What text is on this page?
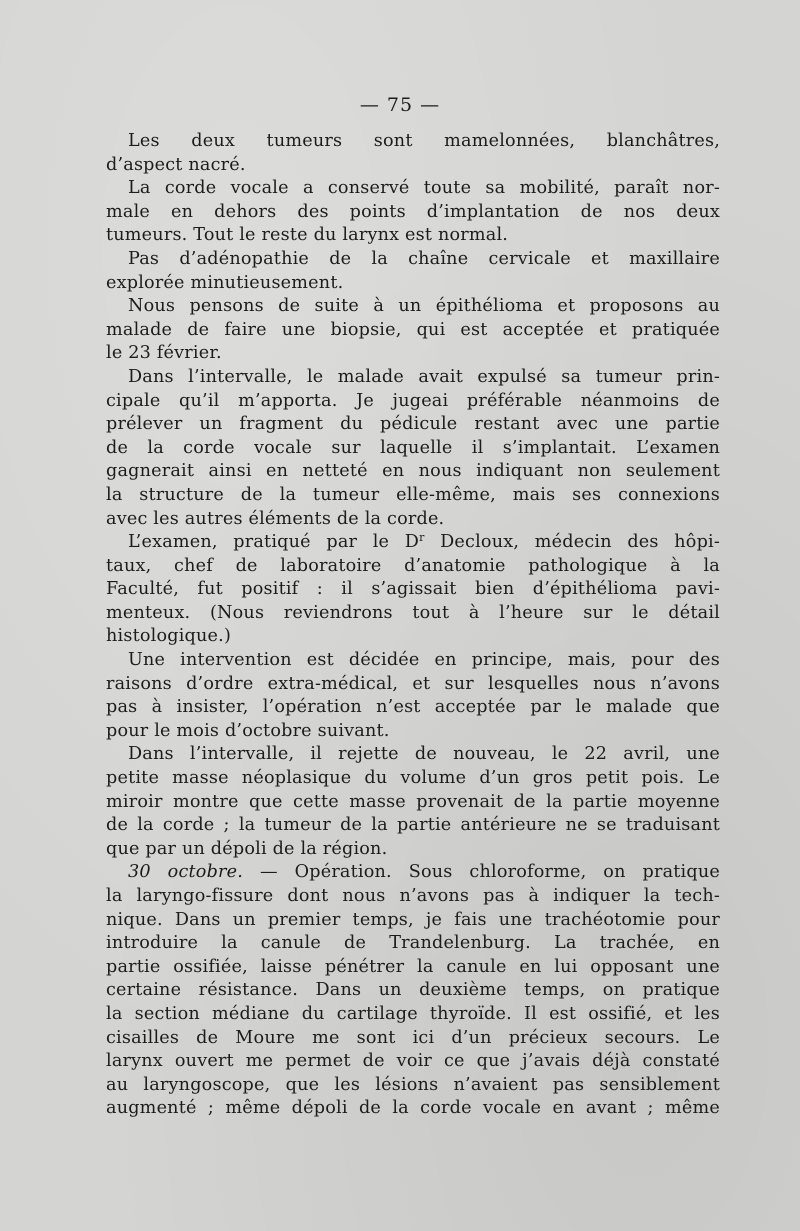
— 75 —
Les deux tumeurs sont mamelonnées, blanchâtres,
d’aspect nacré.
La corde vocale a conservé toute sa mobilité, paraît nor-
male en dehors des points d’implantation de nos deux
tumeurs. Tout le reste du larynx est normal.
Pas d’adénopathie de la chaîne cervicale et maxillaire
explorée minutieusement.
Nous pensons de suite à un épithélioma et proposons au
malade de faire une biopsie, qui est acceptée et pratiquée
le 23 février.
Dans l’intervalle, le malade avait expulsé sa tumeur prin-
cipale qu’il m’apporta. Je jugeai préférable néanmoins de
prélever un fragment du pédicule restant avec une partie
de la corde vocale sur laquelle il s’implantait. L’examen
gagnerait ainsi en netteté en nous indiquant non seulement
la structure de la tumeur elle-même, mais ses connexions
avec les autres éléments de la corde.
L’examen, pratiqué par le $D^r$ Decloux, médecin des hôpi-
taux, chef de laboratoire d’anatomie pathologique à la
Faculté, fut positif : il s’agissait bien d’épithélioma pavi-
menteux. (Nous reviendrons tout à l’heure sur le détail
histologique.)
Une intervention est décidée en principe, mais, pour des
raisons d’ordre extra-médical, et sur lesquelles nous n’avons
pas à insister, l’opération n’est acceptée par le malade que
pour le mois d’octobre suivant.
Dans l’intervalle, il rejette de nouveau, le 22 avril, une
petite masse néoplasique du volume d’un gros petit pois. Le
miroir montre que cette masse provenait de la partie moyenne
de la corde ; la tumeur de la partie antérieure ne se traduisant
que par un dépoli de la région.
30 octobre. — Opération. Sous chloroforme, on pratique
la laryngo-fissure dont nous n’avons pas à indiquer la tech-
nique. Dans un premier temps, je fais une trachéotomie pour
introduire la canule de Trandelenburg. La trachée, en
partie ossifiée, laisse pénétrer la canule en lui opposant une
certaine résistance. Dans un deuxième temps, on pratique
la section médiane du cartilage thyroïde. Il est ossifié, et les
cisailles de Moure me sont ici d’un précieux secours. Le
larynx ouvert me permet de voir ce que j’avais déjà constaté
au laryngoscope, que les lésions n’avaient pas sensiblement
augmenté ; même dépoli de la corde vocale en avant ; même
